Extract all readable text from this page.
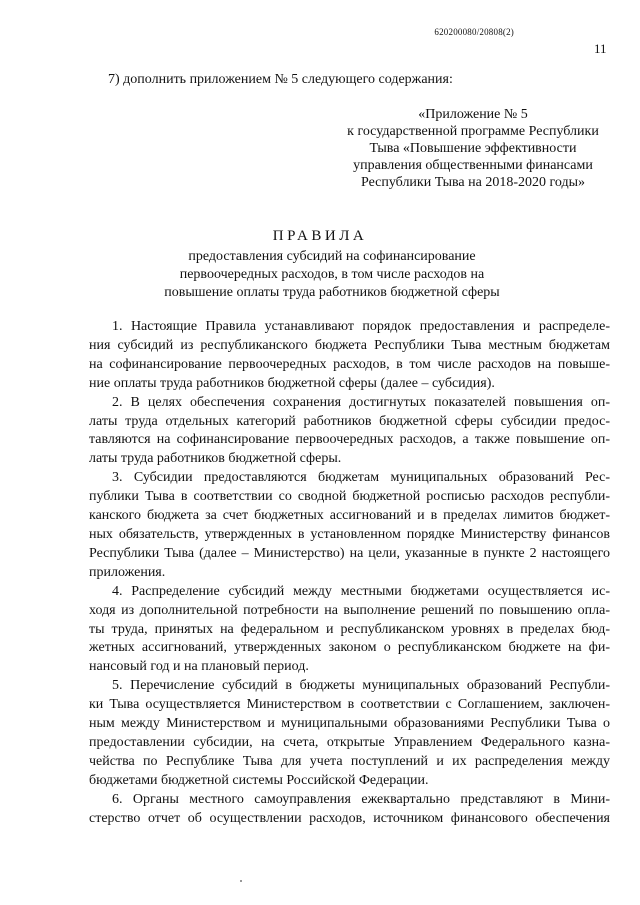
620200080/20808(2)
11
7) дополнить приложением № 5 следующего содержания:
«Приложение № 5
к государственной программе Республики
Тыва «Повышение эффективности
управления общественными финансами
Республики Тыва на 2018-2020 годы»
ПРАВИЛА
предоставления субсидий на софинансирование
первоочередных расходов, в том числе расходов на
повышение оплаты труда работников бюджетной сферы
1. Настоящие Правила устанавливают порядок предоставления и распределе-
ния субсидий из республиканского бюджета Республики Тыва местным бюджетам
на софинансирование первоочередных расходов, в том числе расходов на повыше-
ние оплаты труда работников бюджетной сферы (далее – субсидия).
2. В целях обеспечения сохранения достигнутых показателей повышения оп-
латы труда отдельных категорий работников бюджетной сферы субсидии предос-
тавляются на софинансирование первоочередных расходов, а также повышение оп-
латы труда работников бюджетной сферы.
3. Субсидии предоставляются бюджетам муниципальных образований Рес-
публики Тыва в соответствии со сводной бюджетной росписью расходов республи-
канского бюджета за счет бюджетных ассигнований и в пределах лимитов бюджет-
ных обязательств, утвержденных в установленном порядке Министерству финансов
Республики Тыва (далее – Министерство) на цели, указанные в пункте 2 настоящего
приложения.
4. Распределение субсидий между местными бюджетами осуществляется ис-
ходя из дополнительной потребности на выполнение решений по повышению опла-
ты труда, принятых на федеральном и республиканском уровнях в пределах бюд-
жетных ассигнований, утвержденных законом о республиканском бюджете на фи-
нансовый год и на плановый период.
5. Перечисление субсидий в бюджеты муниципальных образований Республи-
ки Тыва осуществляется Министерством в соответствии с Соглашением, заключен-
ным между Министерством и муниципальными образованиями Республики Тыва о
предоставлении субсидии, на счета, открытые Управлением Федерального казна-
чейства по Республике Тыва для учета поступлений и их распределения между
бюджетами бюджетной системы Российской Федерации.
6. Органы местного самоуправления ежеквартально представляют в Мини-
стерство отчет об осуществлении расходов, источником финансового обеспечения
